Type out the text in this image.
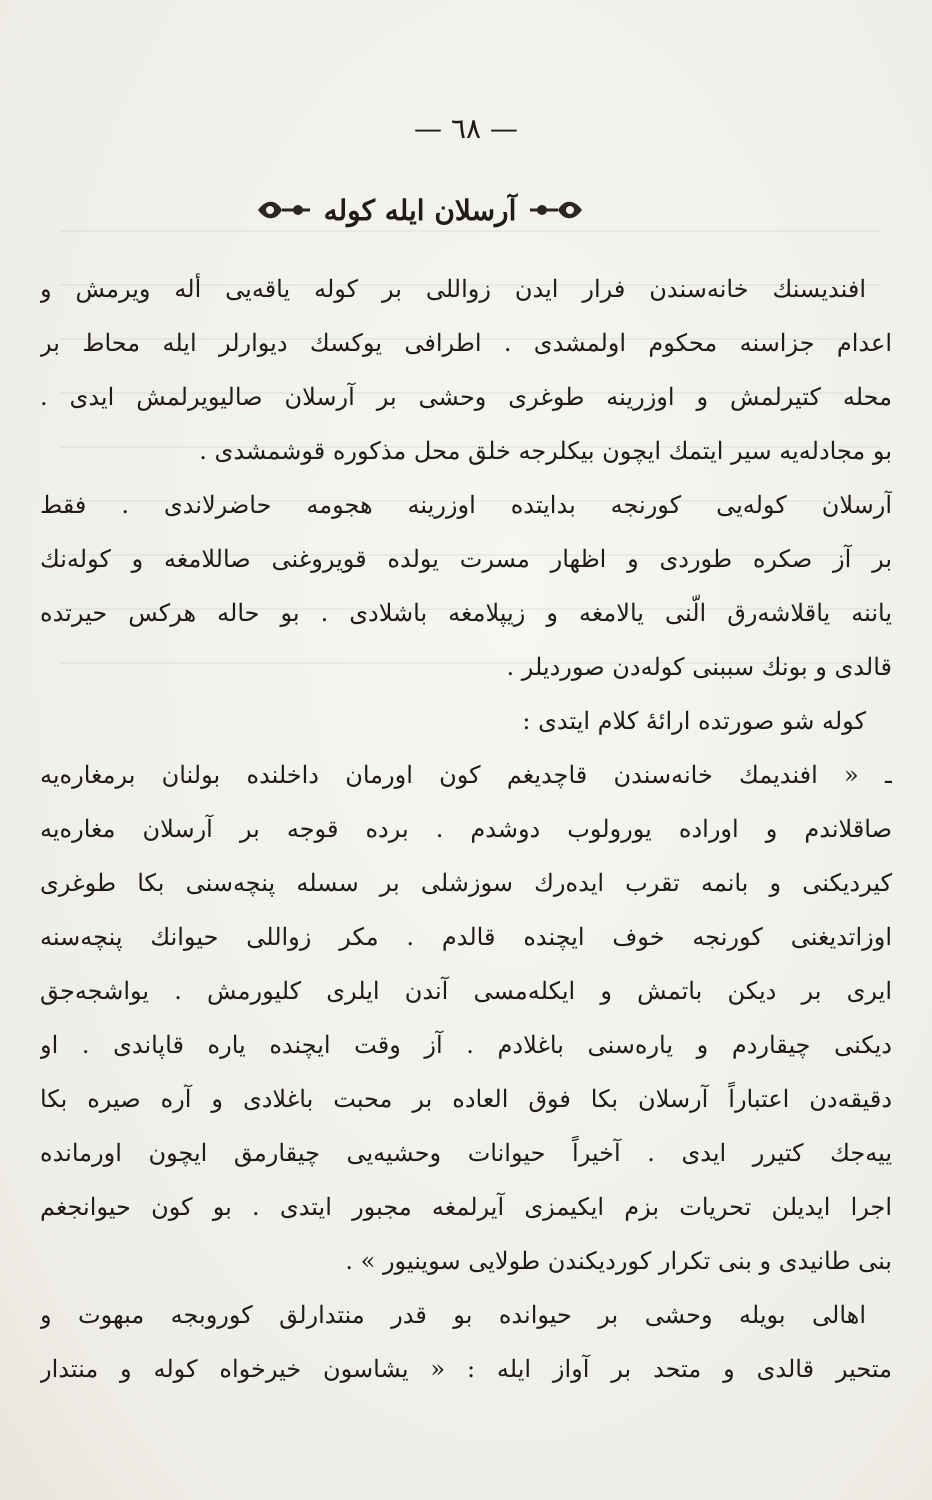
— ٦٨ —
آرسلان ایله کوله
افندیسنك خانه‌سندن فرار ایدن زواللی بر کوله یاقه‌یی أله ویرمش و
اعدام جزاسنه محکوم اولمشدی . اطرافی یوکسك دیوارلر ایله محاط بر
محله کتیرلمش و اوزرینه طوغری وحشی بر آرسلان صالیویرلمش ایدی .
بو مجادله‌یه سیر ایتمك ایچون بیکلرجه خلق محل مذکوره قوشمشدی .
آرسلان کوله‌یی کورنجه بدایتده اوزرینه هجومه حاضرلاندی . فقط
بر آز صکره طوردی و اظهار مسرت یولده قویروغنی صاللامغه و کوله‌نك
یاننه یاقلاشه‌رق الّنی یالامغه و زیپلامغه باشلادی . بو حاله هرکس حیرتده
قالدی و بونك سببنی کوله‌دن صوردیلر .
کوله شو صورتده ارائهٔ کلام ایتدی :
ـ « افندیمك خانه‌سندن قاچدیغم کون اورمان داخلنده بولنان برمغاره‌یه
صاقلاندم و اوراده یورولوب دوشدم . برده قوجه بر آرسلان مغاره‌یه
کیردیکنی و بانمه تقرب ایده‌رك سوزشلی بر سسله پنچه‌سنی بکا طوغری
اوزاتدیغنی کورنجه خوف ایچنده قالدم . مکر زواللی حیوانك پنچه‌سنه
ایری بر دیکن باتمش و ایکله‌مسی آندن ایلری کلیورمش . یواشجه‌جق
دیکنی چیقاردم و یاره‌سنی باغلادم . آز وقت ایچنده یاره قاپاندی . او
دقیقه‌دن اعتباراً آرسلان بکا فوق العاده بر محبت باغلادی و آره صیره بکا
ییه‌جك کتیرر ایدی . آخیراً حیوانات وحشیه‌یی چیقارمق ایچون اورمانده
اجرا ایدیلن تحریات بزم ایکیمزی آیرلمغه مجبور ایتدی . بو کون حیوانجغم
بنی طانیدی و بنی تکرار کوردیکندن طولایی سوینیور » .
اهالی بویله وحشی بر حیوانده بو قدر منتدارلق کوروبجه مبهوت و
متحیر قالدی و متحد بر آواز ایله : « یشاسون خیرخواه کوله و منتدار
